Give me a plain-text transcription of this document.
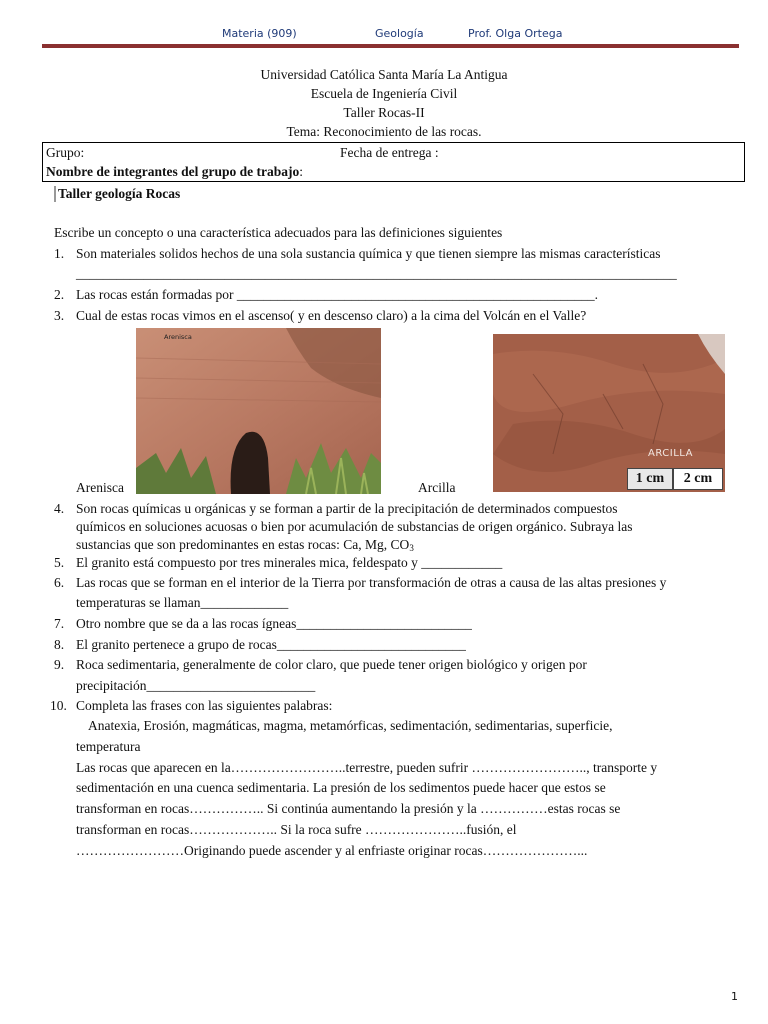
Materia (909)	Geología	Prof. Olga Ortega
Universidad Católica Santa María La Antigua
Escuela de Ingeniería Civil
Taller Rocas-II
Tema: Reconocimiento de las rocas.
Grupo:	Fecha de entrega :
Nombre de integrantes del grupo de trabajo:
Taller geología Rocas
Escribe un concepto o una característica adecuados para las definiciones siguientes
1. Son materiales solidos hechos de una sola sustancia química y que tienen siempre las mismas características
_________________________________________________________________________________________
2. Las rocas están formadas por _____________________________________________________.
3. Cual de estas rocas vimos en el ascenso( y en descenso claro) a la cima del Volcán en el Valle?
Arenisca
Arenisca
ARCILLA
1 cm	2 cm
Arcilla
4. Son rocas químicas u orgánicas y se forman a partir de la precipitación de determinados compuestos
químicos en soluciones acuosas o bien por acumulación de substancias de origen orgánico. Subraya las
sustancias que son predominantes en estas rocas: Ca, Mg, $CO_3$
5. El granito está compuesto por tres minerales mica, feldespato y ____________
6. Las rocas que se forman en el interior de la Tierra por transformación de otras a causa de las altas presiones y
temperaturas se llaman_____________
7. Otro nombre que se da a las rocas ígneas__________________________
8. El granito pertenece a grupo de rocas____________________________
9. Roca sedimentaria, generalmente de color claro, que puede tener origen biológico y origen por
precipitación_________________________
10. Completa las frases con las siguientes palabras:
Anatexia, Erosión, magmáticas, magma, metamórficas, sedimentación, sedimentarias, superficie,
temperatura
Las rocas que aparecen en la……………………..terrestre, pueden sufrir …………………….., transporte y
sedimentación en una cuenca sedimentaria. La presión de los sedimentos puede hacer que estos se
transforman en rocas…………….. Si continúa aumentando la presión y la ……………estas rocas se
transforman en rocas……………….. Si la roca sufre …………………..fusión, el
……………………Originando puede ascender y al enfriaste originar rocas…………………...
1
